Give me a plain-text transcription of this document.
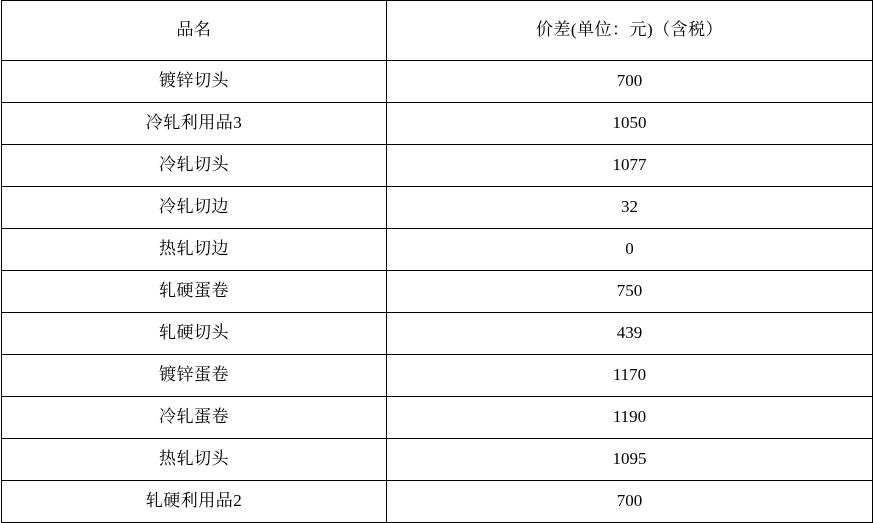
品名	价差(单位：元)（含税）

镀锌切头	700

冷轧利用品3	1050

冷轧切头	1077

冷轧切边	32

热轧切边	0

轧硬蛋卷	750

轧硬切头	439

镀锌蛋卷	1170

冷轧蛋卷	1190

热轧切头	1095

轧硬利用品2	700
